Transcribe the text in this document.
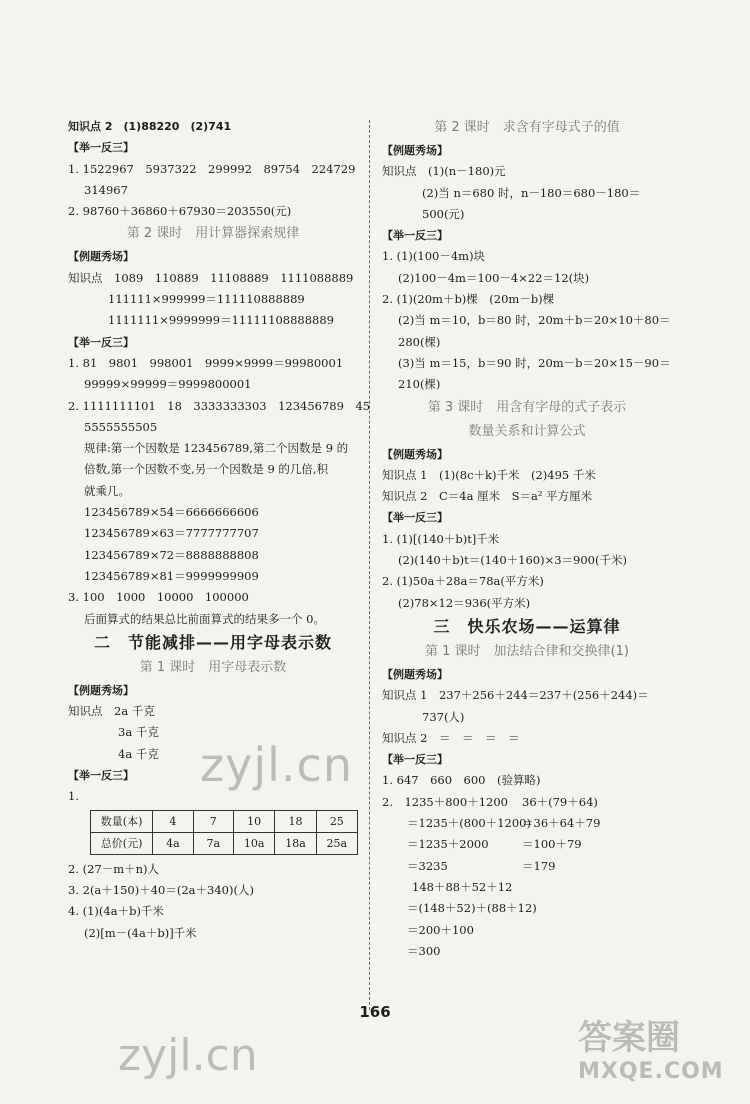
知识点 2　(1)88220　(2)741
【举一反三】
1. 1522967　5937322　299992　89754　224729
314967
2. 98760＋36860＋67930＝203550(元)
第 2 课时　用计算器探索规律
【例题秀场】
知识点　1089　110889　11108889　1111088889
111111×999999＝111110888889
1111111×9999999＝11111108888889
【举一反三】
1. 81　9801　998001　9999×9999＝99980001
99999×99999＝9999800001
2. 1111111101　18　3333333303　123456789　45
5555555505
规律:第一个因数是 123456789,第二个因数是 9 的
倍数,第一个因数不变,另一个因数是 9 的几倍,积
就乘几。
123456789×54＝6666666606
123456789×63＝7777777707
123456789×72＝8888888808
123456789×81＝9999999909
3. 100　1000　10000　100000
后面算式的结果总比前面算式的结果多一个 0。
二　节能减排——用字母表示数
第 1 课时　用字母表示数
【例题秀场】
知识点　2a 千克
3a 千克
4a 千克
【举一反三】
1.
数量(本)	4	7	10	18	25
总价(元)	4a	7a	10a	18a	25a
2. (27－m＋n)人
3. 2(a＋150)＋40＝(2a＋340)(人)
4. (1)(4a＋b)千米
(2)[m－(4a＋b)]千米
第 2 课时　求含有字母式子的值
【例题秀场】
知识点　(1)(n－180)元
(2)当 n＝680 时，n－180＝680－180＝
500(元)
【举一反三】
1. (1)(100－4m)块
(2)100－4m＝100－4×22＝12(块)
2. (1)(20m＋b)棵　(20m－b)棵
(2)当 m＝10，b＝80 时，20m＋b＝20×10＋80＝
280(棵)
(3)当 m＝15，b＝90 时，20m－b＝20×15－90＝
210(棵)
第 3 课时　用含有字母的式子表示
数量关系和计算公式
【例题秀场】
知识点 1　(1)(8c＋k)千米　(2)495 千米
知识点 2　C＝4a 厘米　S＝a² 平方厘米
【举一反三】
1. (1)[(140＋b)t]千米
(2)(140＋b)t＝(140＋160)×3＝900(千米)
2. (1)50a＋28a＝78a(平方米)
(2)78×12＝936(平方米)
三　快乐农场——运算律
第 1 课时　加法结合律和交换律(1)
【例题秀场】
知识点 1　237＋256＋244＝237＋(256＋244)＝
737(人)
知识点 2　＝　＝　＝　＝
【举一反三】
1. 647　660　600　(验算略)
2.　1235＋800＋1200 36＋(79＋64)
＝1235＋(800＋1200)＝36＋64＋79
＝1235＋2000	＝100＋79
＝3235	＝179
148＋88＋52＋12
＝(148＋52)＋(88＋12)
＝200＋100
＝300
166
zyjl.cn
zyjl.cn	答案圈
MXQE.COM
